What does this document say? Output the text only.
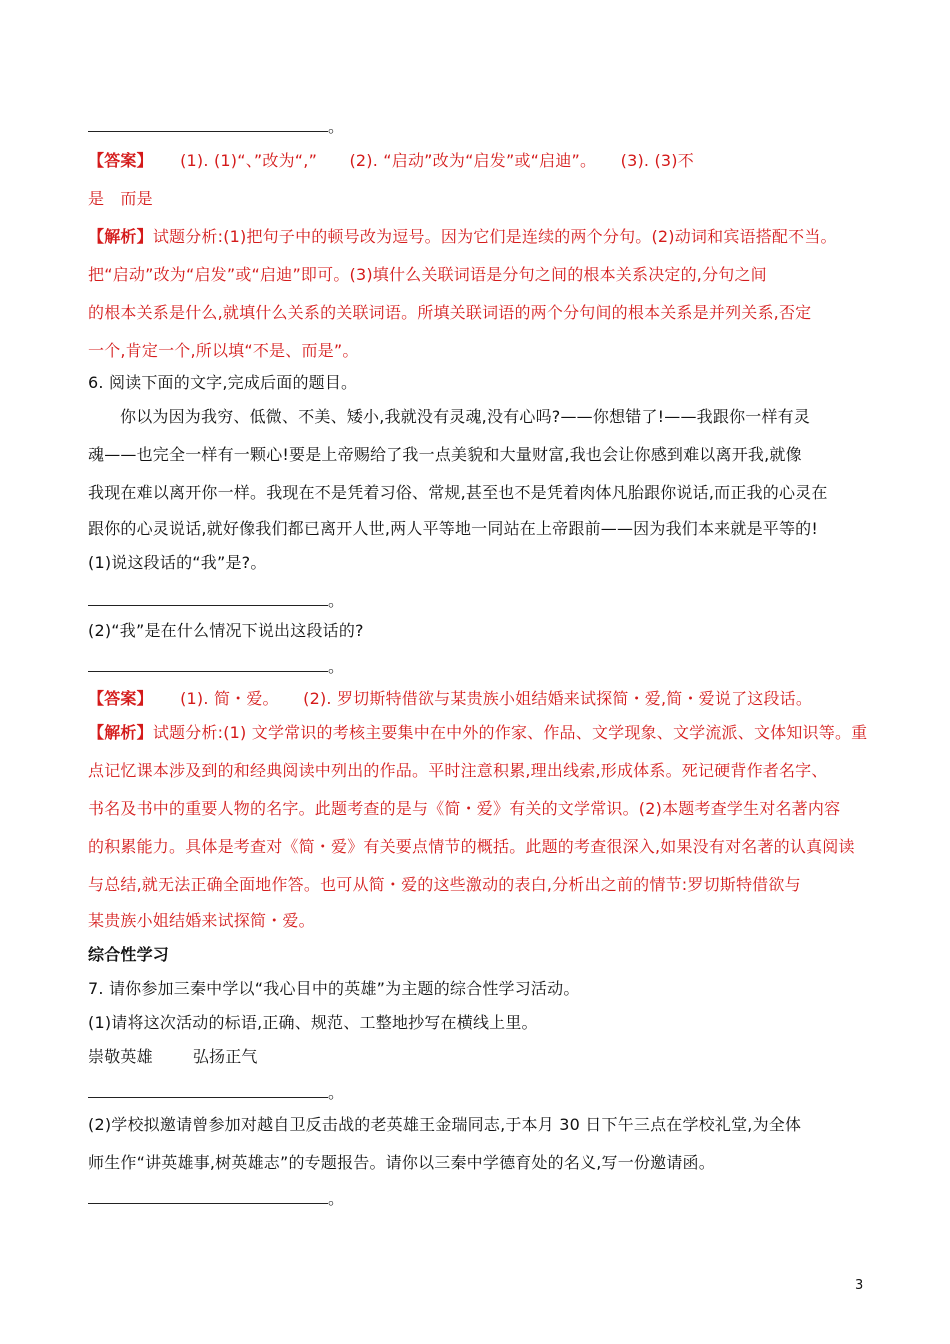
。
【答案】 (1). (1)“、”改为“,”　　(2). “启动”改为“启发”或“启迪”。　　(3). (3)不
是　而是
【解析】试题分析:(1)把句子中的顿号改为逗号。因为它们是连续的两个分句。(2)动词和宾语搭配不当。
把“启动”改为“启发”或“启迪”即可。(3)填什么关联词语是分句之间的根本关系决定的,分句之间
的根本关系是什么,就填什么关系的关联词语。所填关联词语的两个分句间的根本关系是并列关系,否定
一个,肯定一个,所以填“不是、而是”。
6. 阅读下面的文字,完成后面的题目。
你以为因为我穷、低微、不美、矮小,我就没有灵魂,没有心吗?——你想错了!——我跟你一样有灵
魂——也完全一样有一颗心!要是上帝赐给了我一点美貌和大量财富,我也会让你感到难以离开我,就像
我现在难以离开你一样。我现在不是凭着习俗、常规,甚至也不是凭着肉体凡胎跟你说话,而正我的心灵在
跟你的心灵说话,就好像我们都已离开人世,两人平等地一同站在上帝跟前——因为我们本来就是平等的!
(1)说这段话的“我”是?。
。
(2)“我”是在什么情况下说出这段话的?
。
【答案】 (1). 简・爱。　　(2). 罗切斯特借欲与某贵族小姐结婚来试探简・爱,简・爱说了这段话。
【解析】试题分析:(1) 文学常识的考核主要集中在中外的作家、作品、文学现象、文学流派、文体知识等。重
点记忆课本涉及到的和经典阅读中列出的作品。平时注意积累,理出线索,形成体系。死记硬背作者名字、
书名及书中的重要人物的名字。此题考查的是与《简・爱》有关的文学常识。(2)本题考查学生对名著内容
的积累能力。具体是考查对《简・爱》有关要点情节的概括。此题的考查很深入,如果没有对名著的认真阅读
与总结,就无法正确全面地作答。也可从简・爱的这些激动的表白,分析出之前的情节:罗切斯特借欲与
某贵族小姐结婚来试探简・爱。
综合性学习
7. 请你参加三秦中学以“我心目中的英雄”为主题的综合性学习活动。
(1)请将这次活动的标语,正确、规范、工整地抄写在横线上里。
崇敬英雄	弘扬正气
。
(2)学校拟邀请曾参加对越自卫反击战的老英雄王金瑞同志,于本月 30 日下午三点在学校礼堂,为全体
师生作“讲英雄事,树英雄志”的专题报告。请你以三秦中学德育处的名义,写一份邀请函。
。
3
